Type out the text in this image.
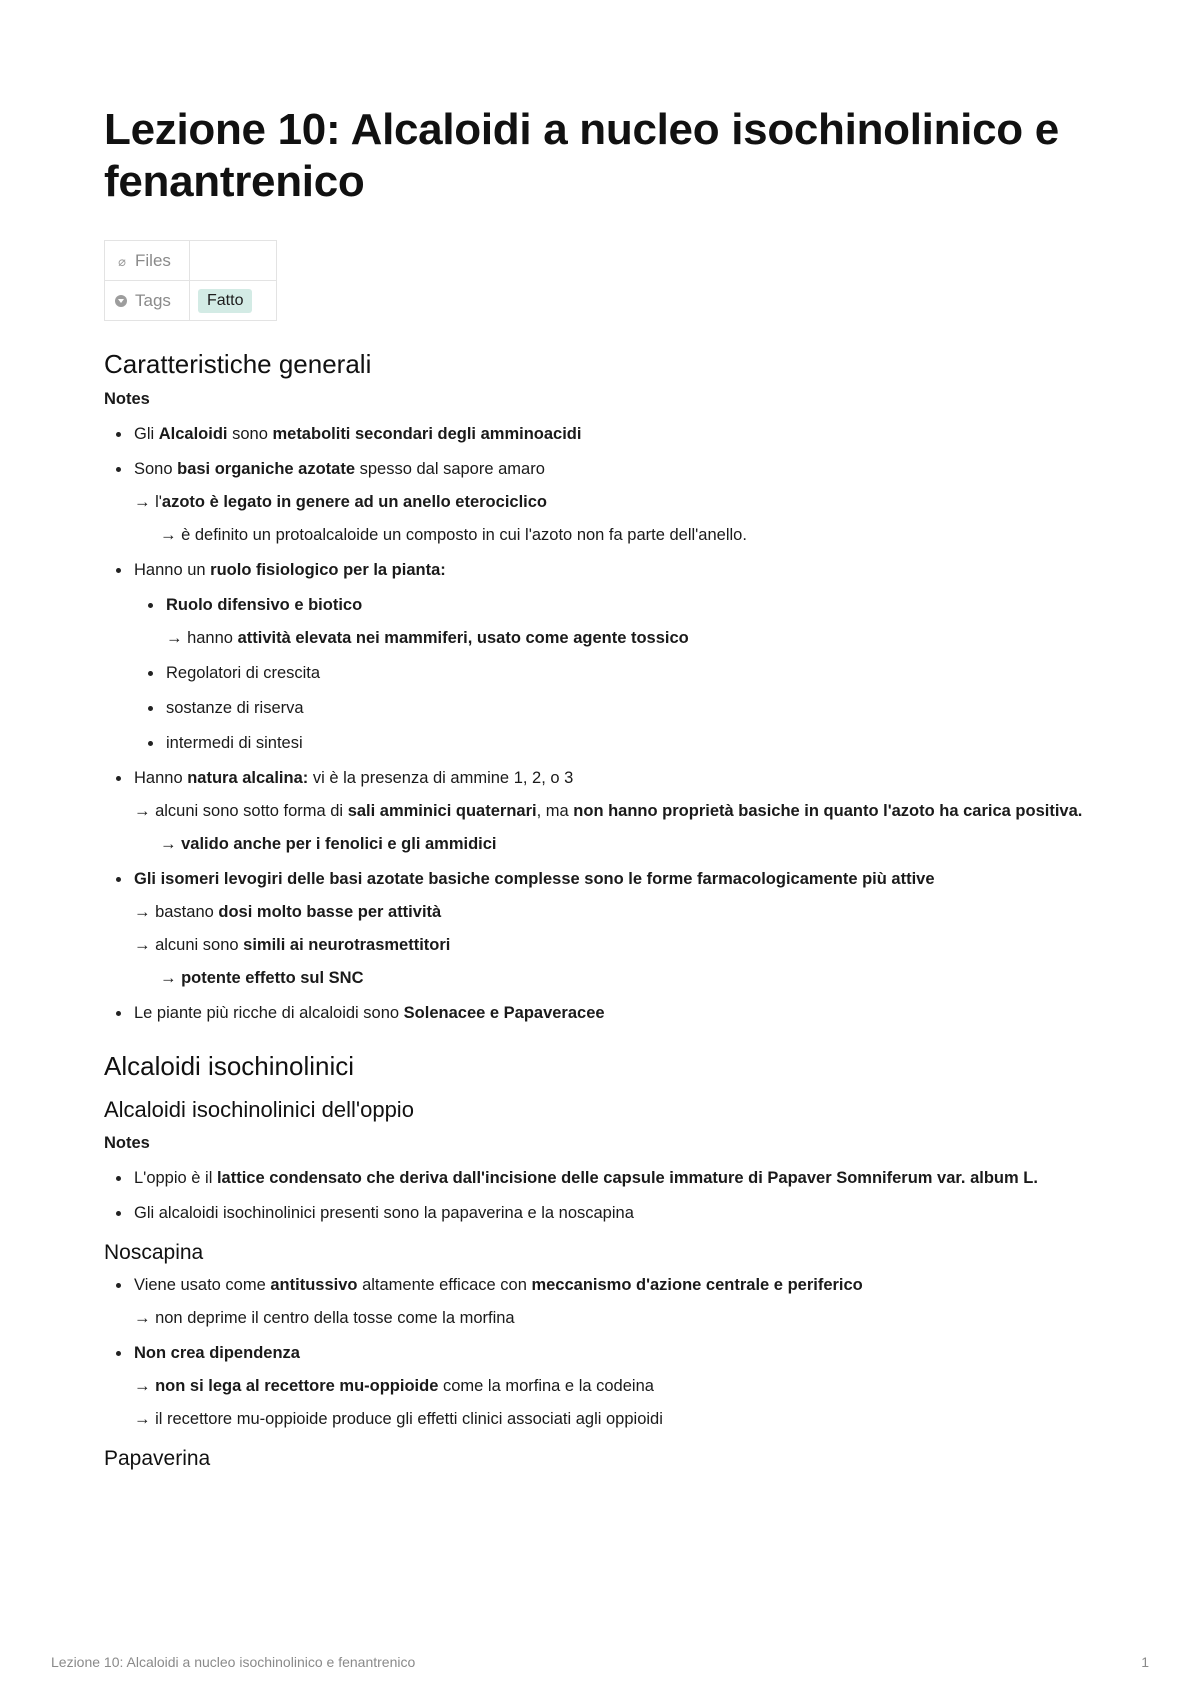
Lezione 10: Alcaloidi a nucleo isochinolinico e fenantrenico
⌀ Files	
Tags	Fatto
Caratteristiche generali
Notes
Gli Alcaloidi sono metaboliti secondari degli amminoacidi
Sono basi organiche azotate spesso dal sapore amaro
→ l'azoto è legato in genere ad un anello eterociclico
→ è definito un protoalcaloide un composto in cui l'azoto non fa parte dell'anello.
Hanno un ruolo fisiologico per la pianta:
Ruolo difensivo e biotico
→ hanno attività elevata nei mammiferi, usato come agente tossico
Regolatori di crescita
sostanze di riserva
intermedi di sintesi
Hanno natura alcalina: vi è la presenza di ammine 1, 2, o 3
→ alcuni sono sotto forma di sali amminici quaternari, ma non hanno proprietà basiche in quanto l'azoto ha carica positiva.
→ valido anche per i fenolici e gli ammidici
Gli isomeri levogiri delle basi azotate basiche complesse sono le forme farmacologicamente più attive
→ bastano dosi molto basse per attività
→ alcuni sono simili ai neurotrasmettitori
→ potente effetto sul SNC
Le piante più ricche di alcaloidi sono Solenacee e Papaveracee
Alcaloidi isochinolinici
Alcaloidi isochinolinici dell'oppio
Notes
L'oppio è il lattice condensato che deriva dall'incisione delle capsule immature di Papaver Somniferum var. album L.
Gli alcaloidi isochinolinici presenti sono la papaverina e la noscapina
Noscapina
Viene usato come antitussivo altamente efficace con meccanismo d'azione centrale e periferico
→ non deprime il centro della tosse come la morfina
Non crea dipendenza
→ non si lega al recettore mu-oppioide come la morfina e la codeina
→ il recettore mu-oppioide produce gli effetti clinici associati agli oppioidi
Papaverina
Lezione 10: Alcaloidi a nucleo isochinolinico e fenantrenico	1
